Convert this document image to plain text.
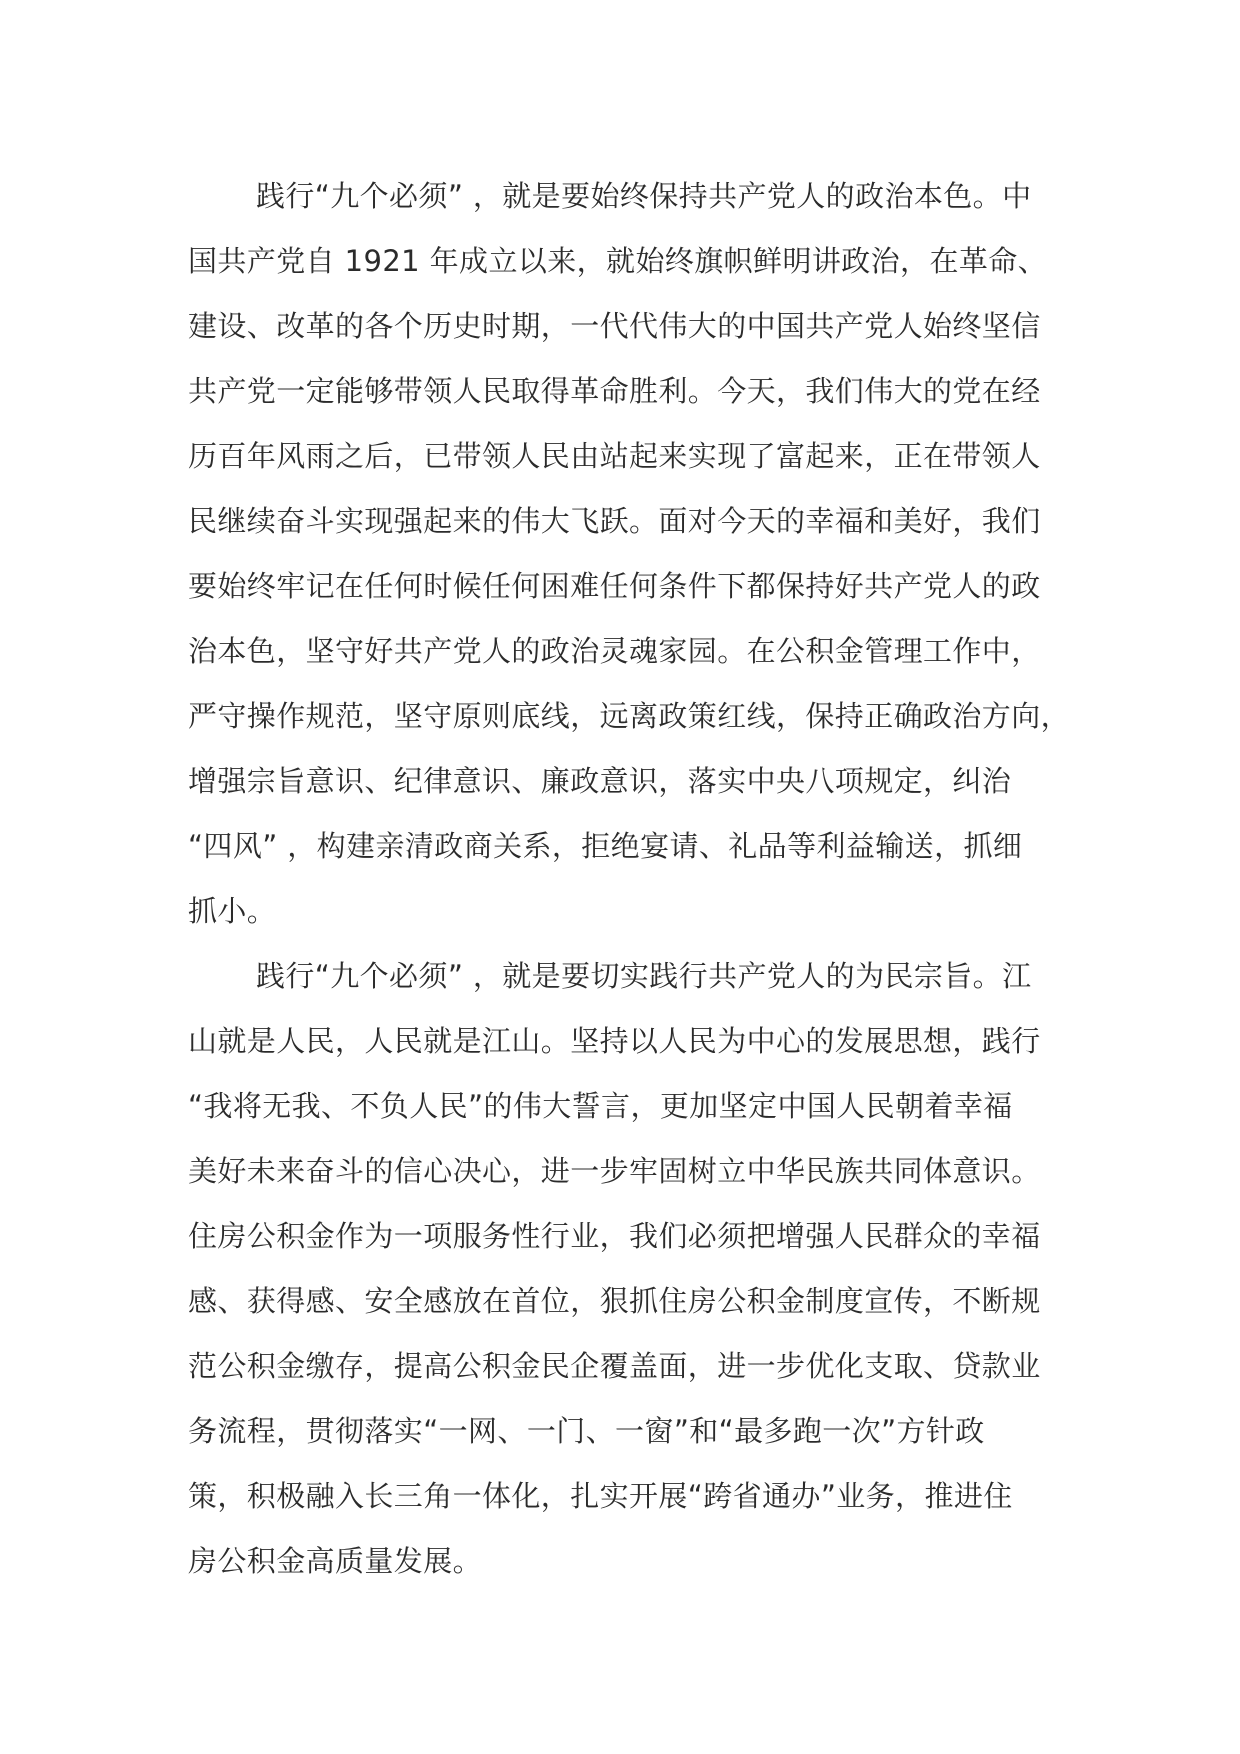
践行“九个必须” ，就是要始终保持共产党人的政治本色。中
国共产党自 1921 年成立以来，就始终旗帜鲜明讲政治，在革命、
建设、改革的各个历史时期，一代代伟大的中国共产党人始终坚信
共产党一定能够带领人民取得革命胜利。今天，我们伟大的党在经
历百年风雨之后，已带领人民由站起来实现了富起来，正在带领人
民继续奋斗实现强起来的伟大飞跃。面对今天的幸福和美好，我们
要始终牢记在任何时候任何困难任何条件下都保持好共产党人的政
治本色，坚守好共产党人的政治灵魂家园。在公积金管理工作中，
严守操作规范，坚守原则底线，远离政策红线，保持正确政治方向，
增强宗旨意识、纪律意识、廉政意识，落实中央八项规定，纠治
“四风” ，构建亲清政商关系，拒绝宴请、礼品等利益输送，抓细
抓小。
践行“九个必须” ，就是要切实践行共产党人的为民宗旨。江
山就是人民，人民就是江山。坚持以人民为中心的发展思想，践行
“我将无我、不负人民”的伟大誓言，更加坚定中国人民朝着幸福
美好未来奋斗的信心决心，进一步牢固树立中华民族共同体意识。
住房公积金作为一项服务性行业，我们必须把增强人民群众的幸福
感、获得感、安全感放在首位，狠抓住房公积金制度宣传，不断规
范公积金缴存，提高公积金民企覆盖面，进一步优化支取、贷款业
务流程，贯彻落实“一网、一门、一窗”和“最多跑一次”方针政
策，积极融入长三角一体化，扎实开展“跨省通办”业务，推进住
房公积金高质量发展。
